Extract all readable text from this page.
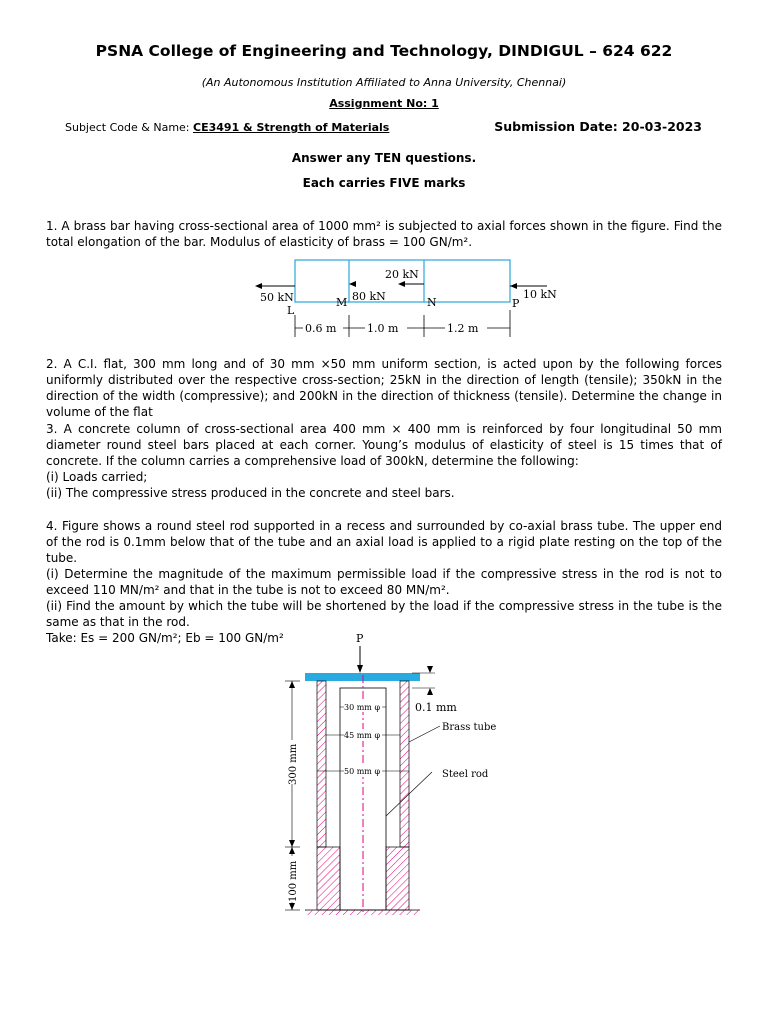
PSNA College of Engineering and Technology, DINDIGUL – 624 622
(An Autonomous Institution Affiliated to Anna University, Chennai)
Assignment No: 1
Subject Code & Name: CE3491 & Strength of Materials	Submission Date: 20-03-2023
Answer any TEN questions.
Each carries FIVE marks
1. A brass bar having cross-sectional area of 1000 mm² is subjected to axial forces shown in the figure. Find the total elongation of the bar. Modulus of elasticity of brass = 100 GN/m².
50 kN
20 kN
80 kN	10 kN
L
M	N	P
0.6 m	1.0 m	1.2 m
2. A C.I. flat, 300 mm long and of 30 mm ×50 mm uniform section, is acted upon by the following forces uniformly distributed over the respective cross-section; 25kN in the direction of length (tensile); 350kN in the direction of the width (compressive); and 200kN in the direction of thickness (tensile). Determine the change in volume of the flat

3. A concrete column of cross-sectional area 400 mm × 400 mm is reinforced by four longitudinal 50 mm diameter round steel bars placed at each corner. Young’s modulus of elasticity of steel is 15 times that of concrete. If the column carries a comprehensive load of 300kN, determine the following:

(i) Loads carried;

(ii) The compressive stress produced in the concrete and steel bars.

4. Figure shows a round steel rod supported in a recess and surrounded by co-axial brass tube. The upper end of the rod is 0.1mm below that of the tube and an axial load is applied to a rigid plate resting on the top of the tube.

(i) Determine the magnitude of the maximum permissible load if the compressive stress in the rod is not to exceed 110 MN/m² and that in the tube is not to exceed 80 MN/m².

(ii) Find the amount by which the tube will be shortened by the load if the compressive stress in the tube is the same as that in the rod.

Take: Es = 200 GN/m²; Eb = 100 GN/m²	P
30 mm φ
45 mm φ
50 mm φ
0.1 mm
Brass tube
Steel rod
300 mm
100 mm
